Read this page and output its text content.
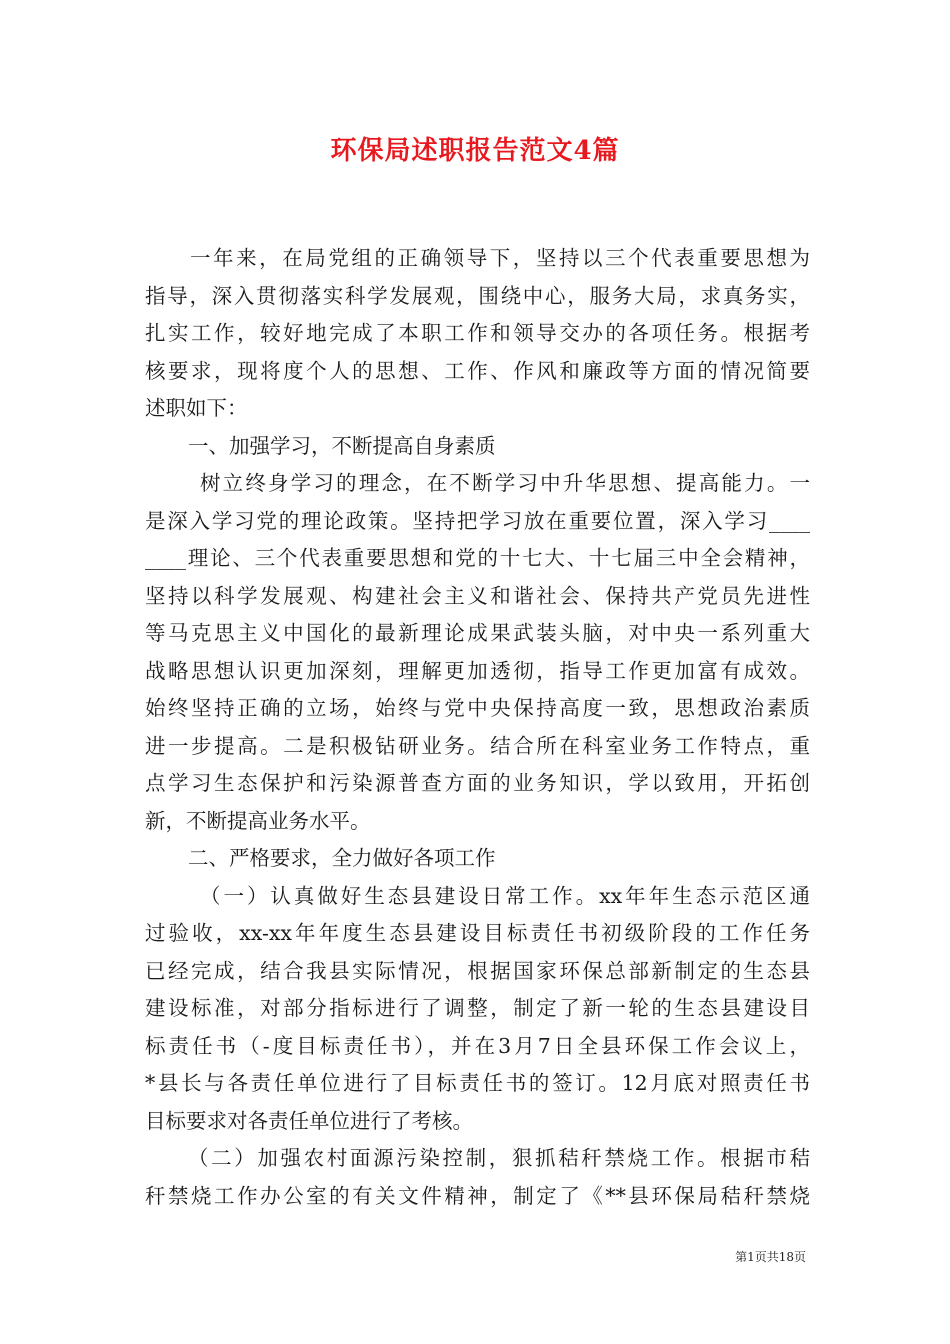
环保局述职报告范文4篇
一年来，在局党组的正确领导下，坚持以三个代表重要思想为
指导，深入贯彻落实科学发展观，围绕中心，服务大局，求真务实，
扎实工作，较好地完成了本职工作和领导交办的各项任务。根据考
核要求，现将度个人的思想、工作、作风和廉政等方面的情况简要
述职如下：
一、加强学习，不断提高自身素质
树立终身学习的理念，在不断学习中升华思想、提高能力。一
是深入学习党的理论政策。坚持把学习放在重要位置，深入学习____
____理论、三个代表重要思想和党的十七大、十七届三中全会精神，
坚持以科学发展观、构建社会主义和谐社会、保持共产党员先进性
等马克思主义中国化的最新理论成果武装头脑，对中央一系列重大
战略思想认识更加深刻，理解更加透彻，指导工作更加富有成效。
始终坚持正确的立场，始终与党中央保持高度一致，思想政治素质
进一步提高。二是积极钻研业务。结合所在科室业务工作特点，重
点学习生态保护和污染源普查方面的业务知识，学以致用，开拓创
新，不断提高业务水平。
二、严格要求，全力做好各项工作
（一）认真做好生态县建设日常工作。xx年年生态示范区通
过验收，xx-xx年年度生态县建设目标责任书初级阶段的工作任务
已经完成，结合我县实际情况，根据国家环保总部新制定的生态县
建设标准，对部分指标进行了调整，制定了新一轮的生态县建设目
标责任书（-度目标责任书），并在3月7日全县环保工作会议上，
*县长与各责任单位进行了目标责任书的签订。12月底对照责任书
目标要求对各责任单位进行了考核。
（二）加强农村面源污染控制，狠抓秸秆禁烧工作。根据市秸
秆禁烧工作办公室的有关文件精神，制定了《**县环保局秸秆禁烧
第1页共18页
